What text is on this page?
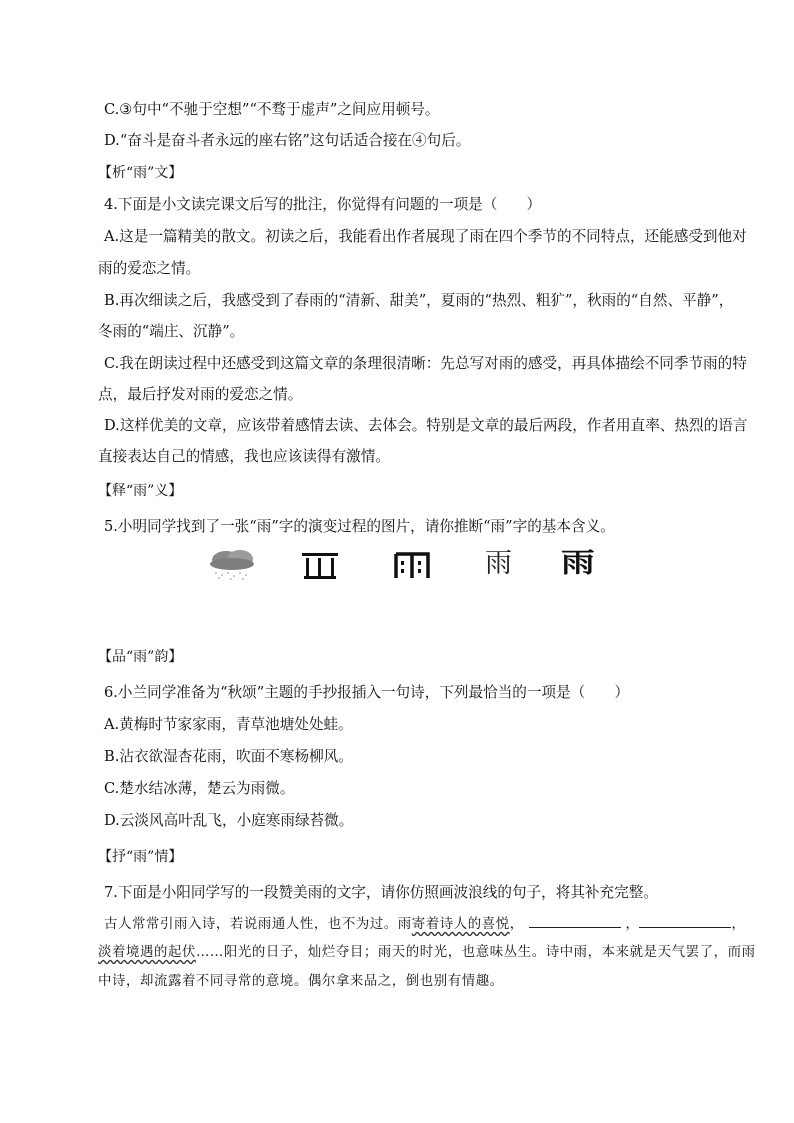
C.③句中“不驰于空想”“不骛于虚声”之间应用顿号。
D.“奋斗是奋斗者永远的座右铭”这句话适合接在④句后。
【析“雨”文】
4.下面是小文读完课文后写的批注，你觉得有问题的一项是（　　）
A.这是一篇精美的散文。初读之后，我能看出作者展现了雨在四个季节的不同特点，还能感受到他对
雨的爱恋之情。
B.再次细读之后，我感受到了春雨的“清新、甜美”，夏雨的“热烈、粗犷”，秋雨的“自然、平静”，
冬雨的“端庄、沉静”。
C.我在朗读过程中还感受到这篇文章的条理很清晰：先总写对雨的感受，再具体描绘不同季节雨的特
点，最后抒发对雨的爱恋之情。
D.这样优美的文章，应该带着感情去读、去体会。特别是文章的最后两段，作者用直率、热烈的语言
直接表达自己的情感，我也应该读得有激情。
【释“雨”义】
5.小明同学找到了一张“雨”字的演变过程的图片，请你推断“雨”字的基本含义。
雨 雨
【品“雨”韵】
6.小兰同学准备为“秋颂”主题的手抄报插入一句诗，下列最恰当的一项是（　　）
A.黄梅时节家家雨，青草池塘处处蛙。
B.沾衣欲湿杏花雨，吹面不寒杨柳风。
C.楚水结冰薄，楚云为雨微。
D.云淡风高叶乱飞，小庭寒雨绿苔微。
【抒“雨”情】
7.下面是小阳同学写的一段赞美雨的文字，请你仿照画波浪线的句子，将其补充完整。
古人常常引雨入诗，若说雨通人性，也不为过。雨寄着诗人的喜悦，	，	，
淡着境遇的起伏……阳光的日子，灿烂夺目；雨天的时光，也意味丛生。诗中雨，本来就是天气罢了，而雨
中诗，却流露着不同寻常的意境。偶尔拿来品之，倒也别有情趣。
